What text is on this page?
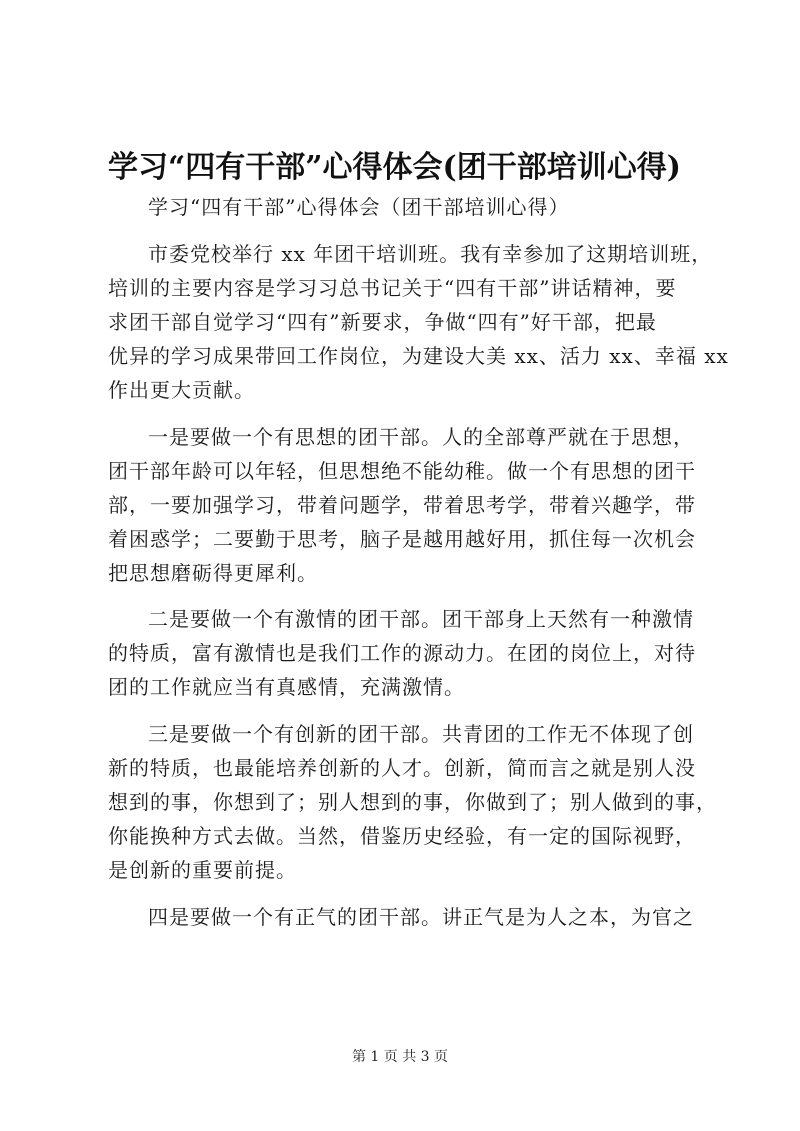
学习“四有干部”心得体会(团干部培训心得)
学习“四有干部”心得体会（团干部培训心得）
市委党校举行 xx 年团干培训班。我有幸参加了这期培训班，
培训的主要内容是学习习总书记关于“四有干部”讲话精神，要
求团干部自觉学习“四有”新要求，争做“四有”好干部，把最
优异的学习成果带回工作岗位，为建设大美 xx、活力 xx、幸福 xx
作出更大贡献。
一是要做一个有思想的团干部。人的全部尊严就在于思想，
团干部年龄可以年轻，但思想绝不能幼稚。做一个有思想的团干
部，一要加强学习，带着问题学，带着思考学，带着兴趣学，带
着困惑学；二要勤于思考，脑子是越用越好用，抓住每一次机会
把思想磨砺得更犀利。
二是要做一个有激情的团干部。团干部身上天然有一种激情
的特质，富有激情也是我们工作的源动力。在团的岗位上，对待
团的工作就应当有真感情，充满激情。
三是要做一个有创新的团干部。共青团的工作无不体现了创
新的特质，也最能培养创新的人才。创新，简而言之就是别人没
想到的事，你想到了；别人想到的事，你做到了；别人做到的事，
你能换种方式去做。当然，借鉴历史经验，有一定的国际视野，
是创新的重要前提。
四是要做一个有正气的团干部。讲正气是为人之本，为官之
第 1 页 共 3 页
